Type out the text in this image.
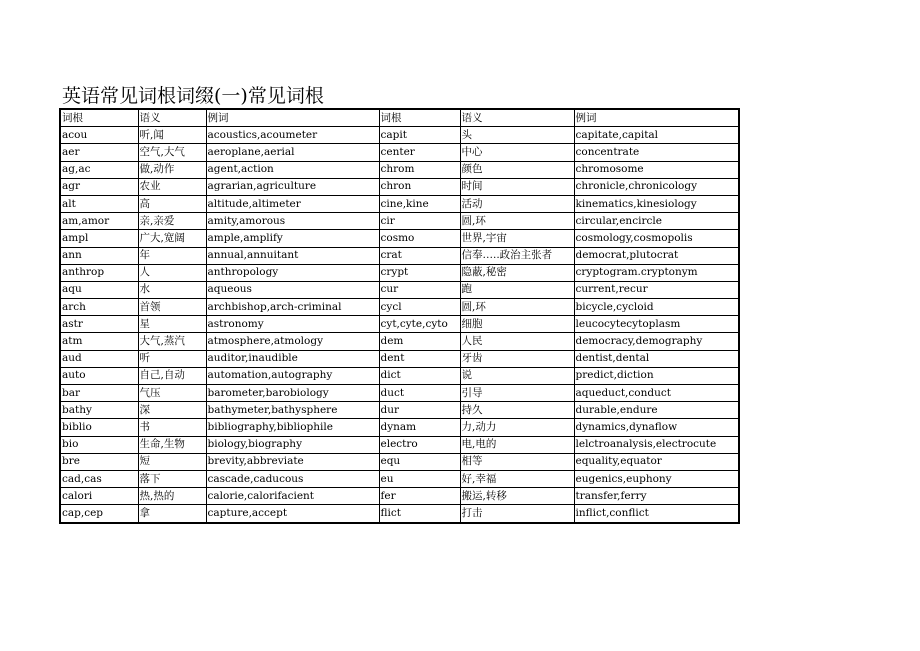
英语常见词根词缀(一)常见词根
词根	语义	例词	词根	语义	例词
acou	听,闻	acoustics,acoumeter	capit	头	capitate,capital
aer	空气,大气	aeroplane,aerial	center	中心	concentrate
ag,ac	做,动作	agent,action	chrom	颜色	chromosome
agr	农业	agrarian,agriculture	chron	时间	chronicle,chronicology
alt	高	altitude,altimeter	cine,kine	活动	kinematics,kinesiology
am,amor	亲,亲爱	amity,amorous	cir	圆,环	circular,encircle
ampl	广大,宽阔	ample,amplify	cosmo	世界,宇宙	cosmology,cosmopolis
ann	年	annual,annuitant	crat	信奉…..政治主张者	democrat,plutocrat
anthrop	人	anthropology	crypt	隐蔽,秘密	cryptogram.cryptonym
aqu	水	aqueous	cur	跑	current,recur
arch	首领	archbishop,arch-criminal	cycl	圆,环	bicycle,cycloid
astr	星	astronomy	cyt,cyte,cyto	细胞	leucocytecytoplasm
atm	大气,蒸汽	atmosphere,atmology	dem	人民	democracy,demography
aud	听	auditor,inaudible	dent	牙齿	dentist,dental
auto	自己,自动	automation,autography	dict	说	predict,diction
bar	气压	barometer,barobiology	duct	引导	aqueduct,conduct
bathy	深	bathymeter,bathysphere	dur	持久	durable,endure
biblio	书	bibliography,bibliophile	dynam	力,动力	dynamics,dynaflow
bio	生命,生物	biology,biography	electro	电,电的	lelctroanalysis,electrocute
bre	短	brevity,abbreviate	equ	相等	equality,equator
cad,cas	落下	cascade,caducous	eu	好,幸福	eugenics,euphony
calori	热,热的	calorie,calorifacient	fer	搬运,转移	transfer,ferry
cap,cep	拿	capture,accept	flict	打击	inflict,conflict
